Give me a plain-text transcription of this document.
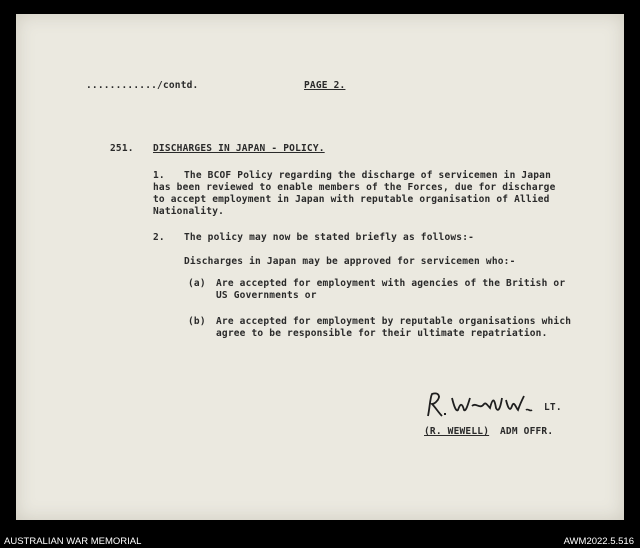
............/contd.	PAGE 2.
251. DISCHARGES IN JAPAN - POLICY.
1. The BCOF Policy regarding the discharge of servicemen in Japan
has been reviewed to enable members of the Forces, due for discharge
to accept employment in Japan with reputable organisation of Allied
Nationality.
2. The policy may now be stated briefly as follows:-
Discharges in Japan may be approved for servicemen who:-
(a) Are accepted for employment with agencies of the British or
US Governments or
(b) Are accepted for employment by reputable organisations which
agree to be responsible for their ultimate repatriation.
LT.
(R. WEWELL) ADM OFFR.
AUSTRALIAN WAR MEMORIAL	AWM2022.5.516
